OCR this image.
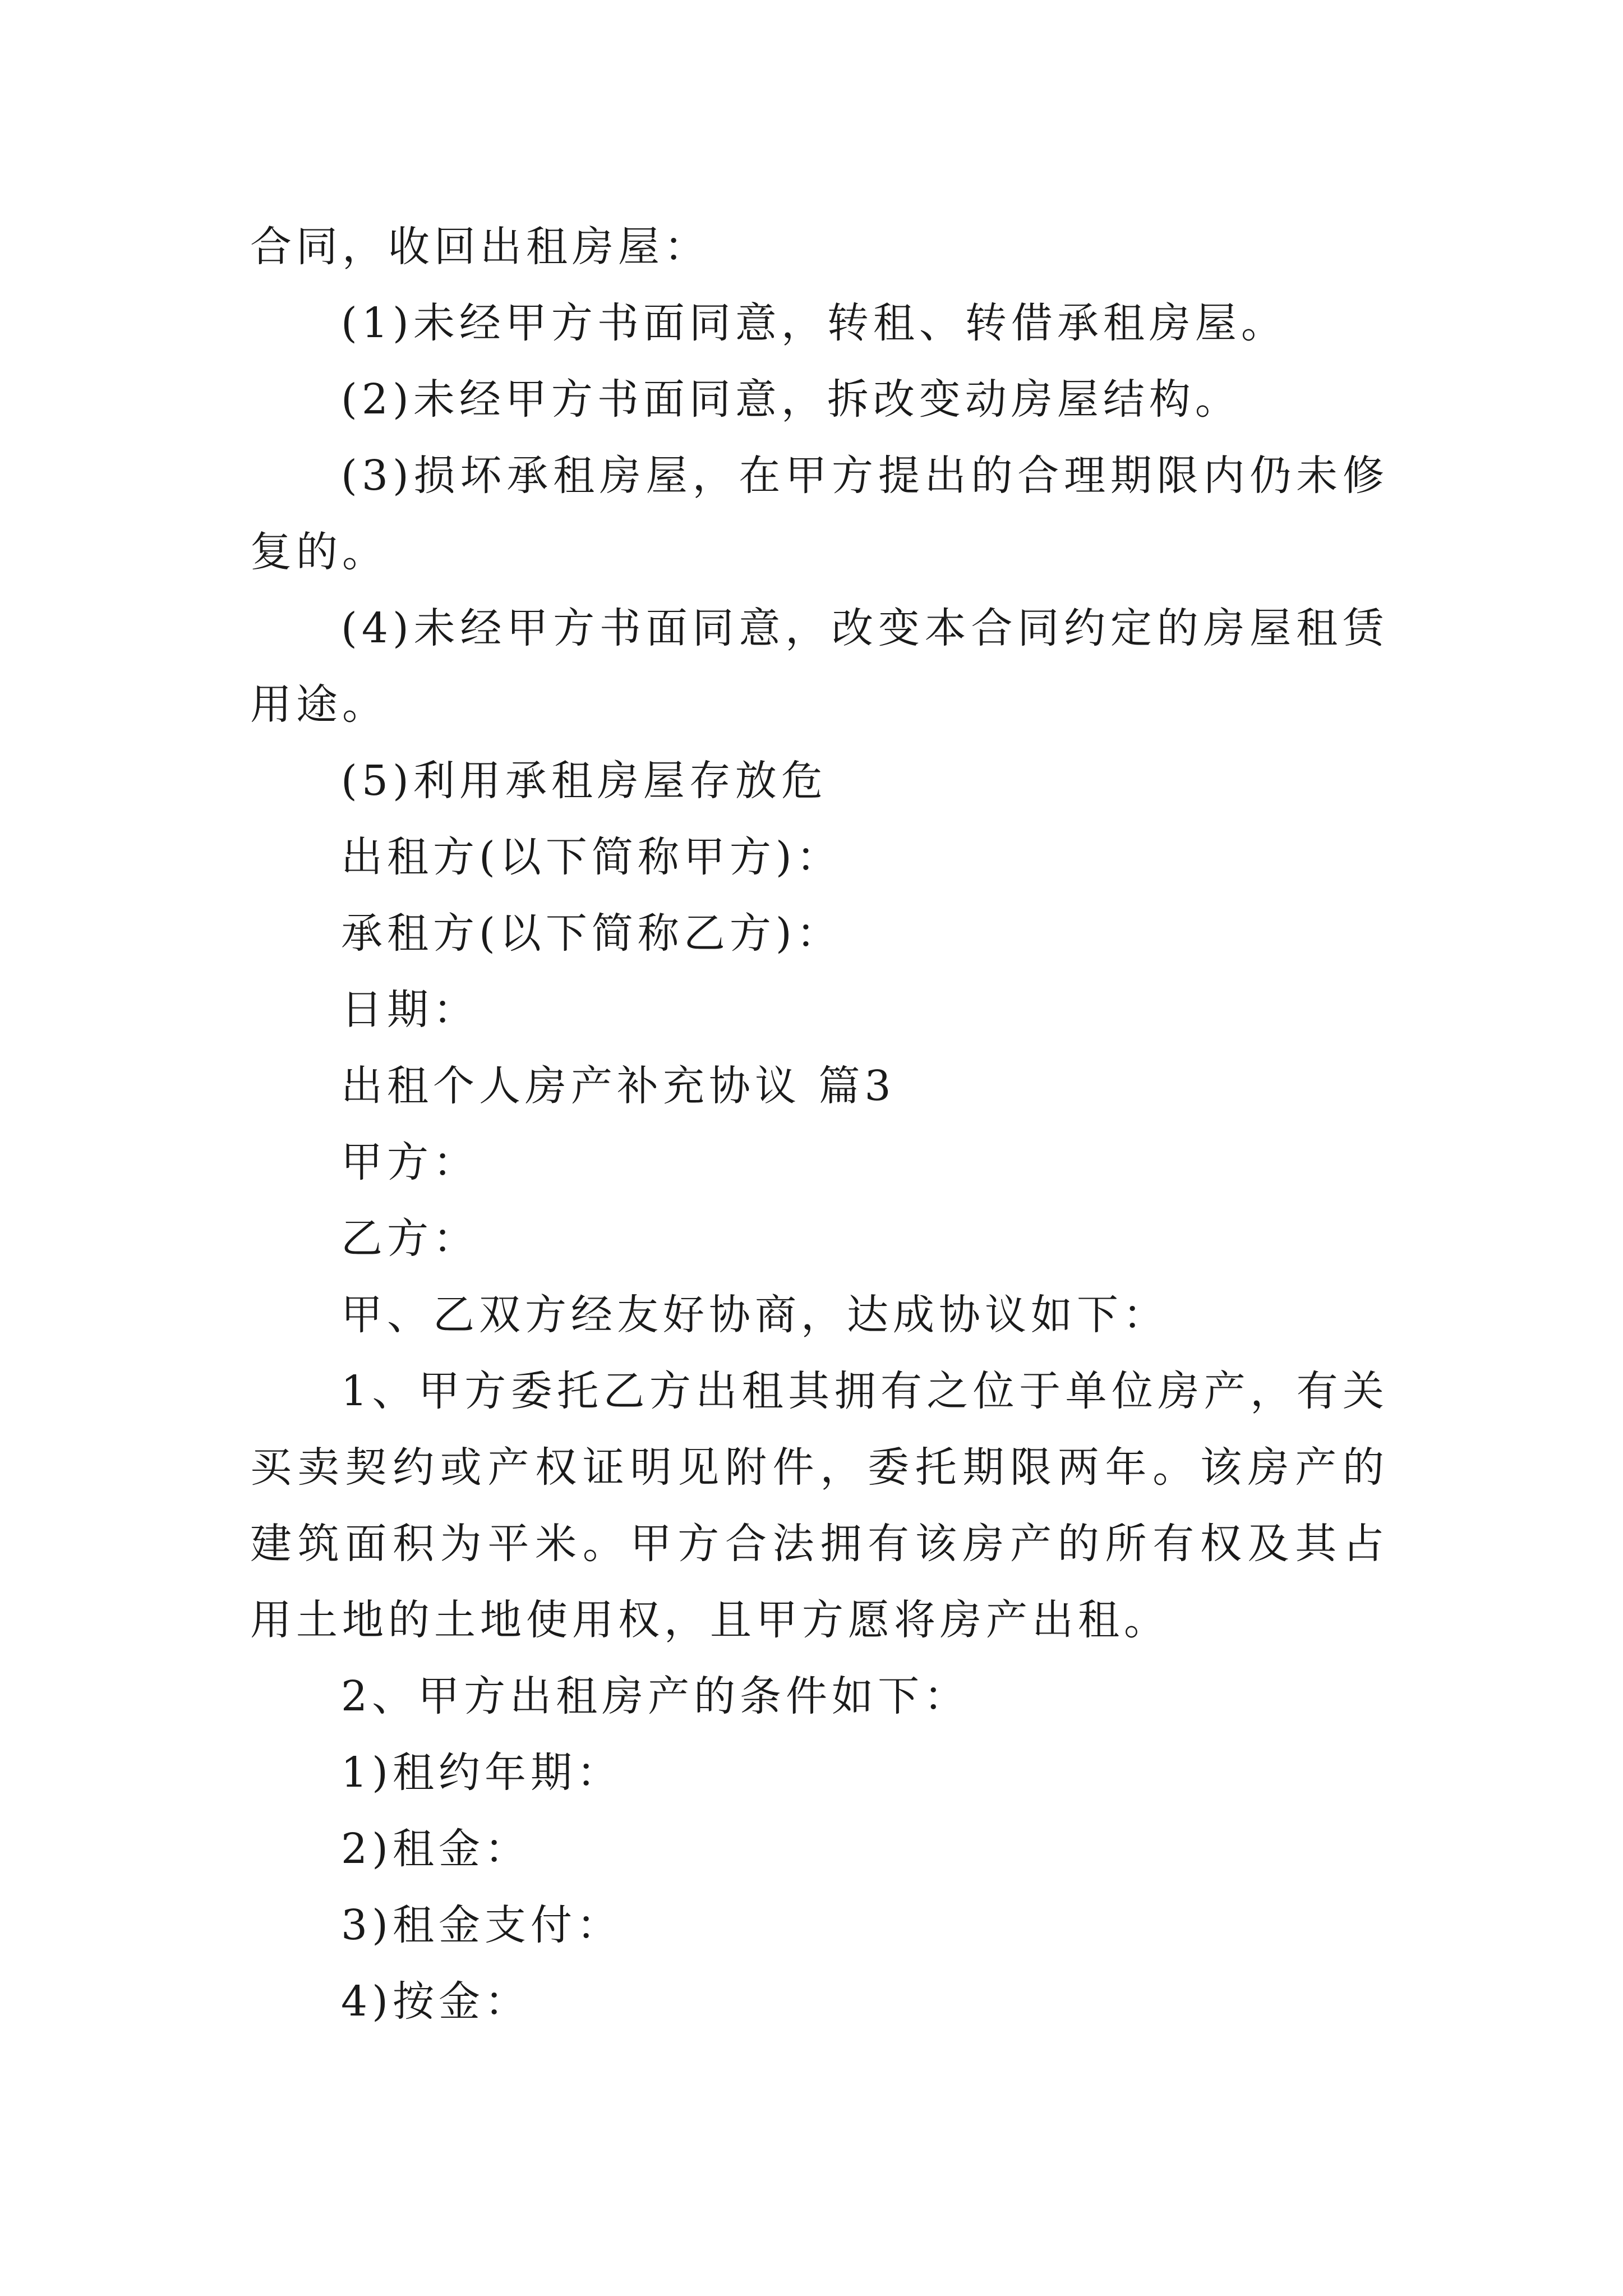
合同，收回出租房屋：

(1)未经甲方书面同意，转租、转借承租房屋。

(2)未经甲方书面同意，拆改变动房屋结构。

(3)损坏承租房屋，在甲方提出的合理期限内仍未修复的。

(4)未经甲方书面同意，改变本合同约定的房屋租赁用途。

(5)利用承租房屋存放危

出租方(以下简称甲方)：

承租方(以下简称乙方)：

日期：

出租个人房产补充协议 篇3

甲方：

乙方：

甲、乙双方经友好协商，达成协议如下：

1、甲方委托乙方出租其拥有之位于单位房产，有关买卖契约或产权证明见附件，委托期限两年。该房产的建筑面积为平米。甲方合法拥有该房产的所有权及其占用土地的土地使用权，且甲方愿将房产出租。

2、甲方出租房产的条件如下：

1)租约年期：

2)租金：

3)租金支付：

4)按金：
